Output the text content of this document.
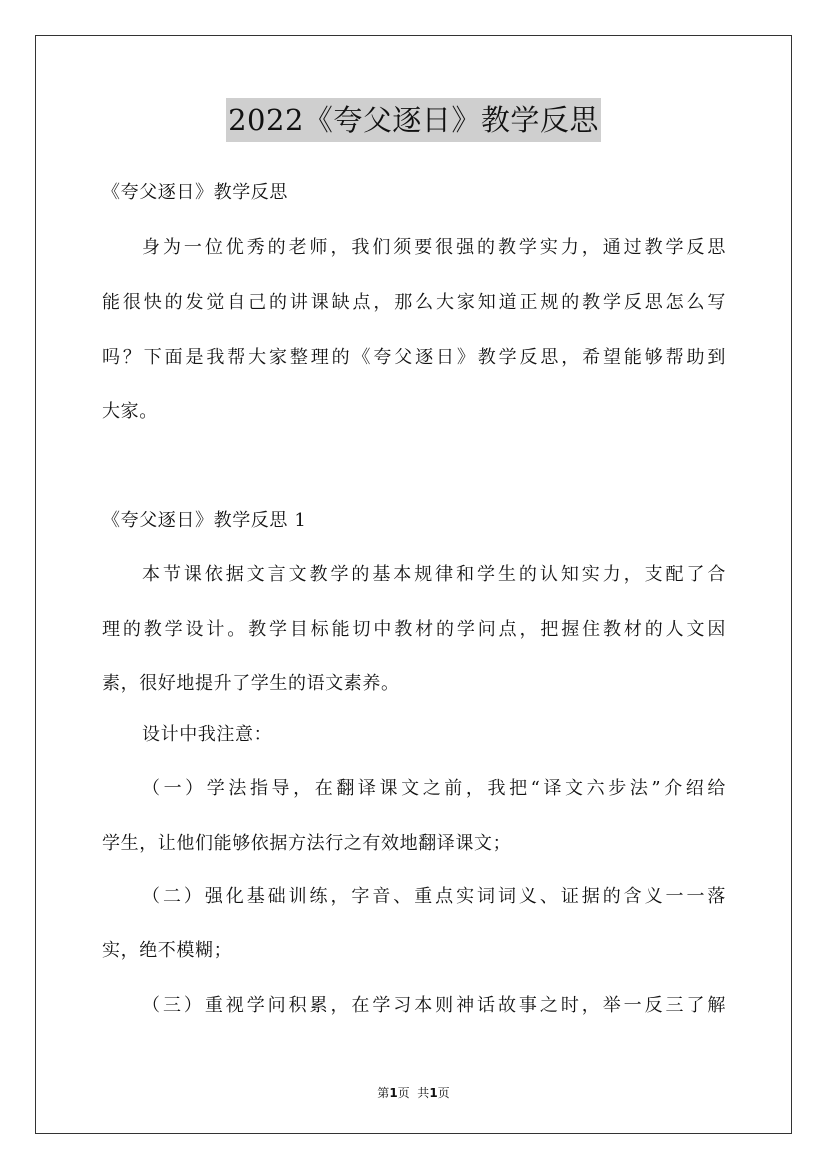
2022《夸父逐日》教学反思
《夸父逐日》教学反思
身为一位优秀的老师，我们须要很强的教学实力，通过教学反思
能很快的发觉自己的讲课缺点，那么大家知道正规的教学反思怎么写
吗？下面是我帮大家整理的《夸父逐日》教学反思，希望能够帮助到
大家。
《夸父逐日》教学反思 1
本节课依据文言文教学的基本规律和学生的认知实力，支配了合
理的教学设计。教学目标能切中教材的学问点，把握住教材的人文因
素，很好地提升了学生的语文素养。
设计中我注意：
（一）学法指导，在翻译课文之前，我把“译文六步法”介绍给
学生，让他们能够依据方法行之有效地翻译课文；
（二）强化基础训练，字音、重点实词词义、证据的含义一一落
实，绝不模糊；
（三）重视学问积累，在学习本则神话故事之时，举一反三了解
第1页  共1页
